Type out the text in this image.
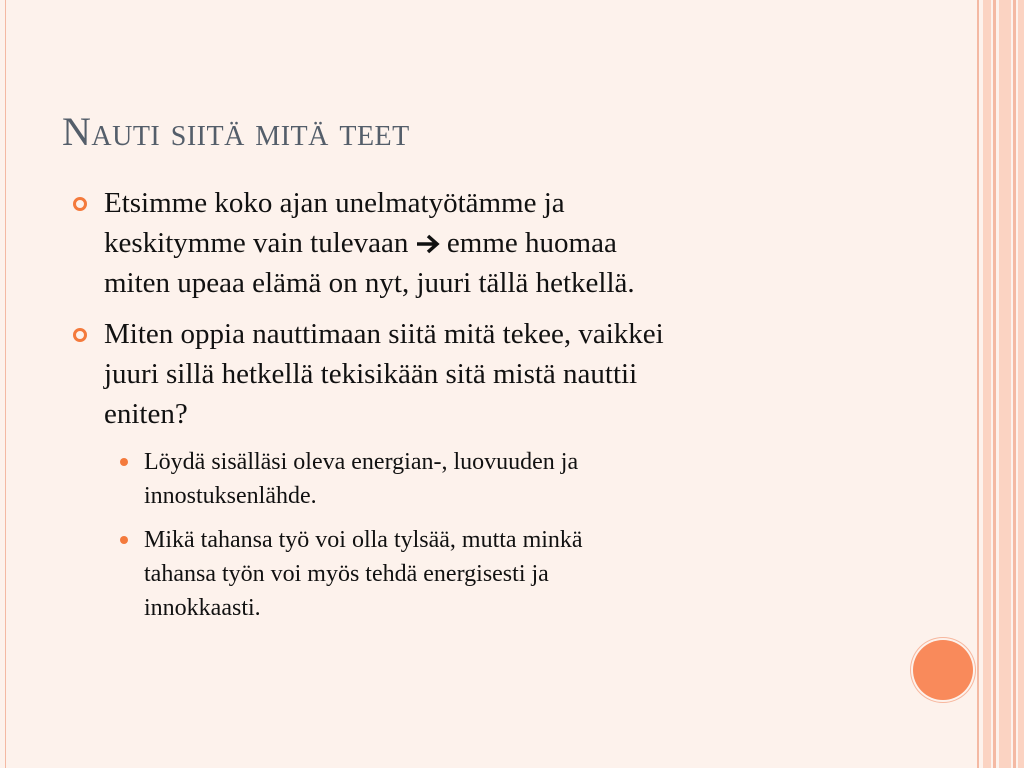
Nauti siitä mitä teet
Etsimme koko ajan unelmatyötämme ja
keskitymme vain tulevaan  emme huomaa
miten upeaa elämä on nyt, juuri tällä hetkellä.
Miten oppia nauttimaan siitä mitä tekee, vaikkei
juuri sillä hetkellä tekisikään sitä mistä nauttii
eniten?
Löydä sisälläsi oleva energian-, luovuuden ja
innostuksenlähde.
Mikä tahansa työ voi olla tylsää, mutta minkä
tahansa työn voi myös tehdä energisesti ja
innokkaasti.
